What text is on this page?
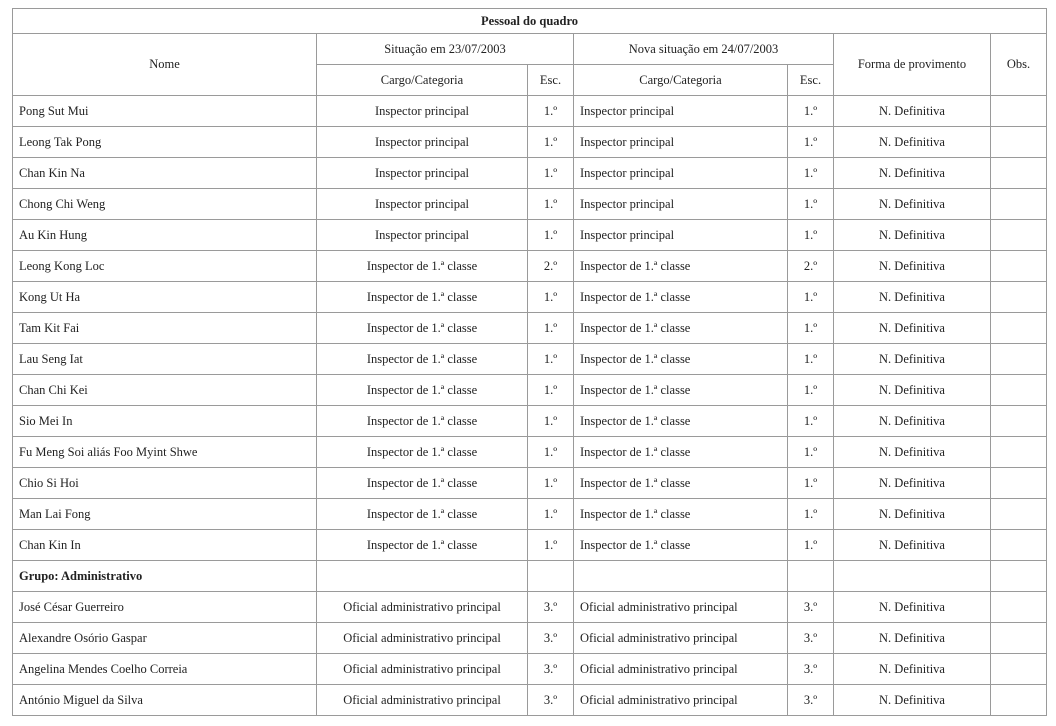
Pessoal do quadro						
Nome	Situação em 23/07/2003		Nova situação em 24/07/2003		Forma de provimento	Obs.
	Cargo/Categoria	Esc.	Cargo/Categoria	Esc.		
Pong Sut Mui	Inspector principal	1.º	Inspector principal	1.º	N. Definitiva	
Leong Tak Pong	Inspector principal	1.º	Inspector principal	1.º	N. Definitiva	
Chan Kin Na	Inspector principal	1.º	Inspector principal	1.º	N. Definitiva	
Chong Chi Weng	Inspector principal	1.º	Inspector principal	1.º	N. Definitiva	
Au Kin Hung	Inspector principal	1.º	Inspector principal	1.º	N. Definitiva	
Leong Kong Loc	Inspector de 1.ª classe	2.º	Inspector de 1.ª classe	2.º	N. Definitiva	
Kong Ut Ha	Inspector de 1.ª classe	1.º	Inspector de 1.ª classe	1.º	N. Definitiva	
Tam Kit Fai	Inspector de 1.ª classe	1.º	Inspector de 1.ª classe	1.º	N. Definitiva	
Lau Seng Iat	Inspector de 1.ª classe	1.º	Inspector de 1.ª classe	1.º	N. Definitiva	
Chan Chi Kei	Inspector de 1.ª classe	1.º	Inspector de 1.ª classe	1.º	N. Definitiva	
Sio Mei In	Inspector de 1.ª classe	1.º	Inspector de 1.ª classe	1.º	N. Definitiva	
Fu Meng Soi aliás Foo Myint Shwe	Inspector de 1.ª classe	1.º	Inspector de 1.ª classe	1.º	N. Definitiva	
Chio Si Hoi	Inspector de 1.ª classe	1.º	Inspector de 1.ª classe	1.º	N. Definitiva	
Man Lai Fong	Inspector de 1.ª classe	1.º	Inspector de 1.ª classe	1.º	N. Definitiva	
Chan Kin In	Inspector de 1.ª classe	1.º	Inspector de 1.ª classe	1.º	N. Definitiva	
Grupo: Administrativo						
José César Guerreiro	Oficial administrativo principal	3.º	Oficial administrativo principal	3.º	N. Definitiva	
Alexandre Osório Gaspar	Oficial administrativo principal	3.º	Oficial administrativo principal	3.º	N. Definitiva	
Angelina Mendes Coelho Correia	Oficial administrativo principal	3.º	Oficial administrativo principal	3.º	N. Definitiva	
António Miguel da Silva	Oficial administrativo principal	3.º	Oficial administrativo principal	3.º	N. Definitiva	
